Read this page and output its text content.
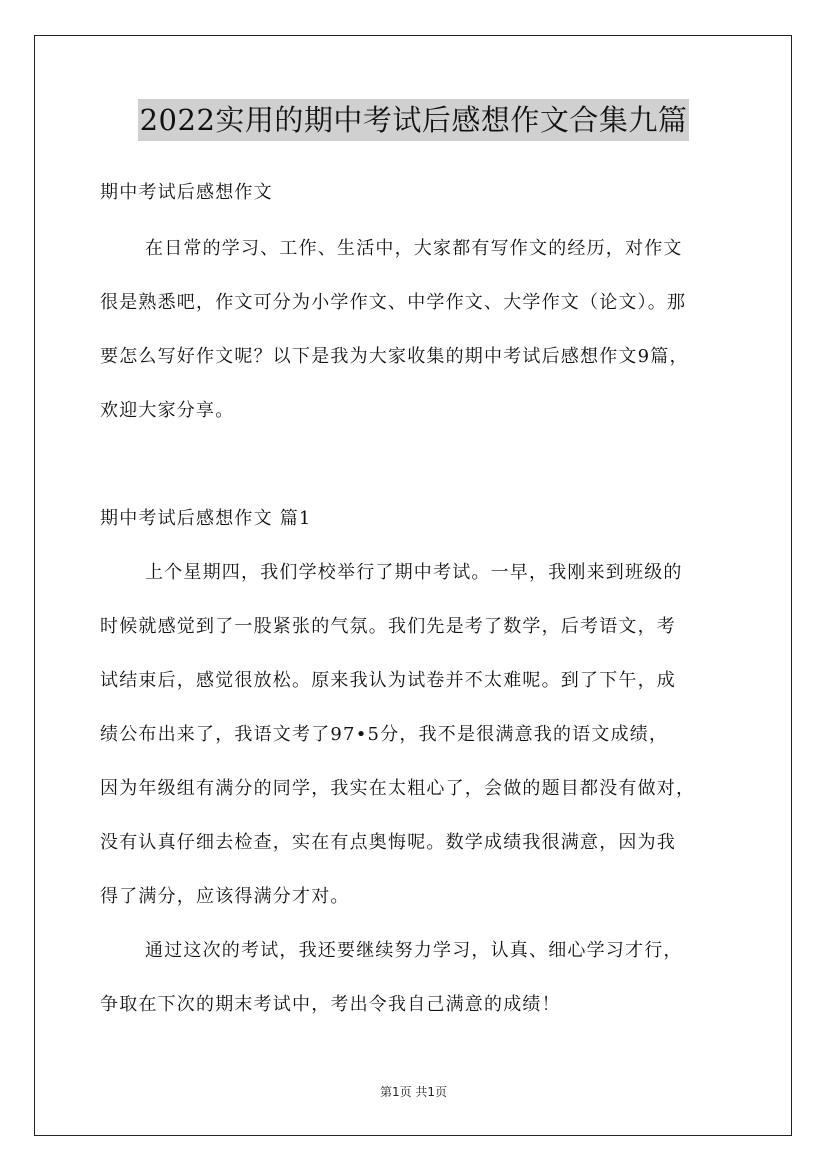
2022实用的期中考试后感想作文合集九篇
期中考试后感想作文
在日常的学习、工作、生活中，大家都有写作文的经历，对作文
很是熟悉吧，作文可分为小学作文、中学作文、大学作文（论文）。那
要怎么写好作文呢？以下是我为大家收集的期中考试后感想作文9篇，
欢迎大家分享。
期中考试后感想作文 篇1
上个星期四，我们学校举行了期中考试。一早，我刚来到班级的
时候就感觉到了一股紧张的气氛。我们先是考了数学，后考语文，考
试结束后，感觉很放松。原来我认为试卷并不太难呢。到了下午，成
绩公布出来了，我语文考了97•5分，我不是很满意我的语文成绩，
因为年级组有满分的同学，我实在太粗心了，会做的题目都没有做对，
没有认真仔细去检查，实在有点奥悔呢。数学成绩我很满意，因为我
得了满分，应该得满分才对。
通过这次的考试，我还要继续努力学习，认真、细心学习才行，
争取在下次的期末考试中，考出令我自己满意的成绩！
第1页 共1页
